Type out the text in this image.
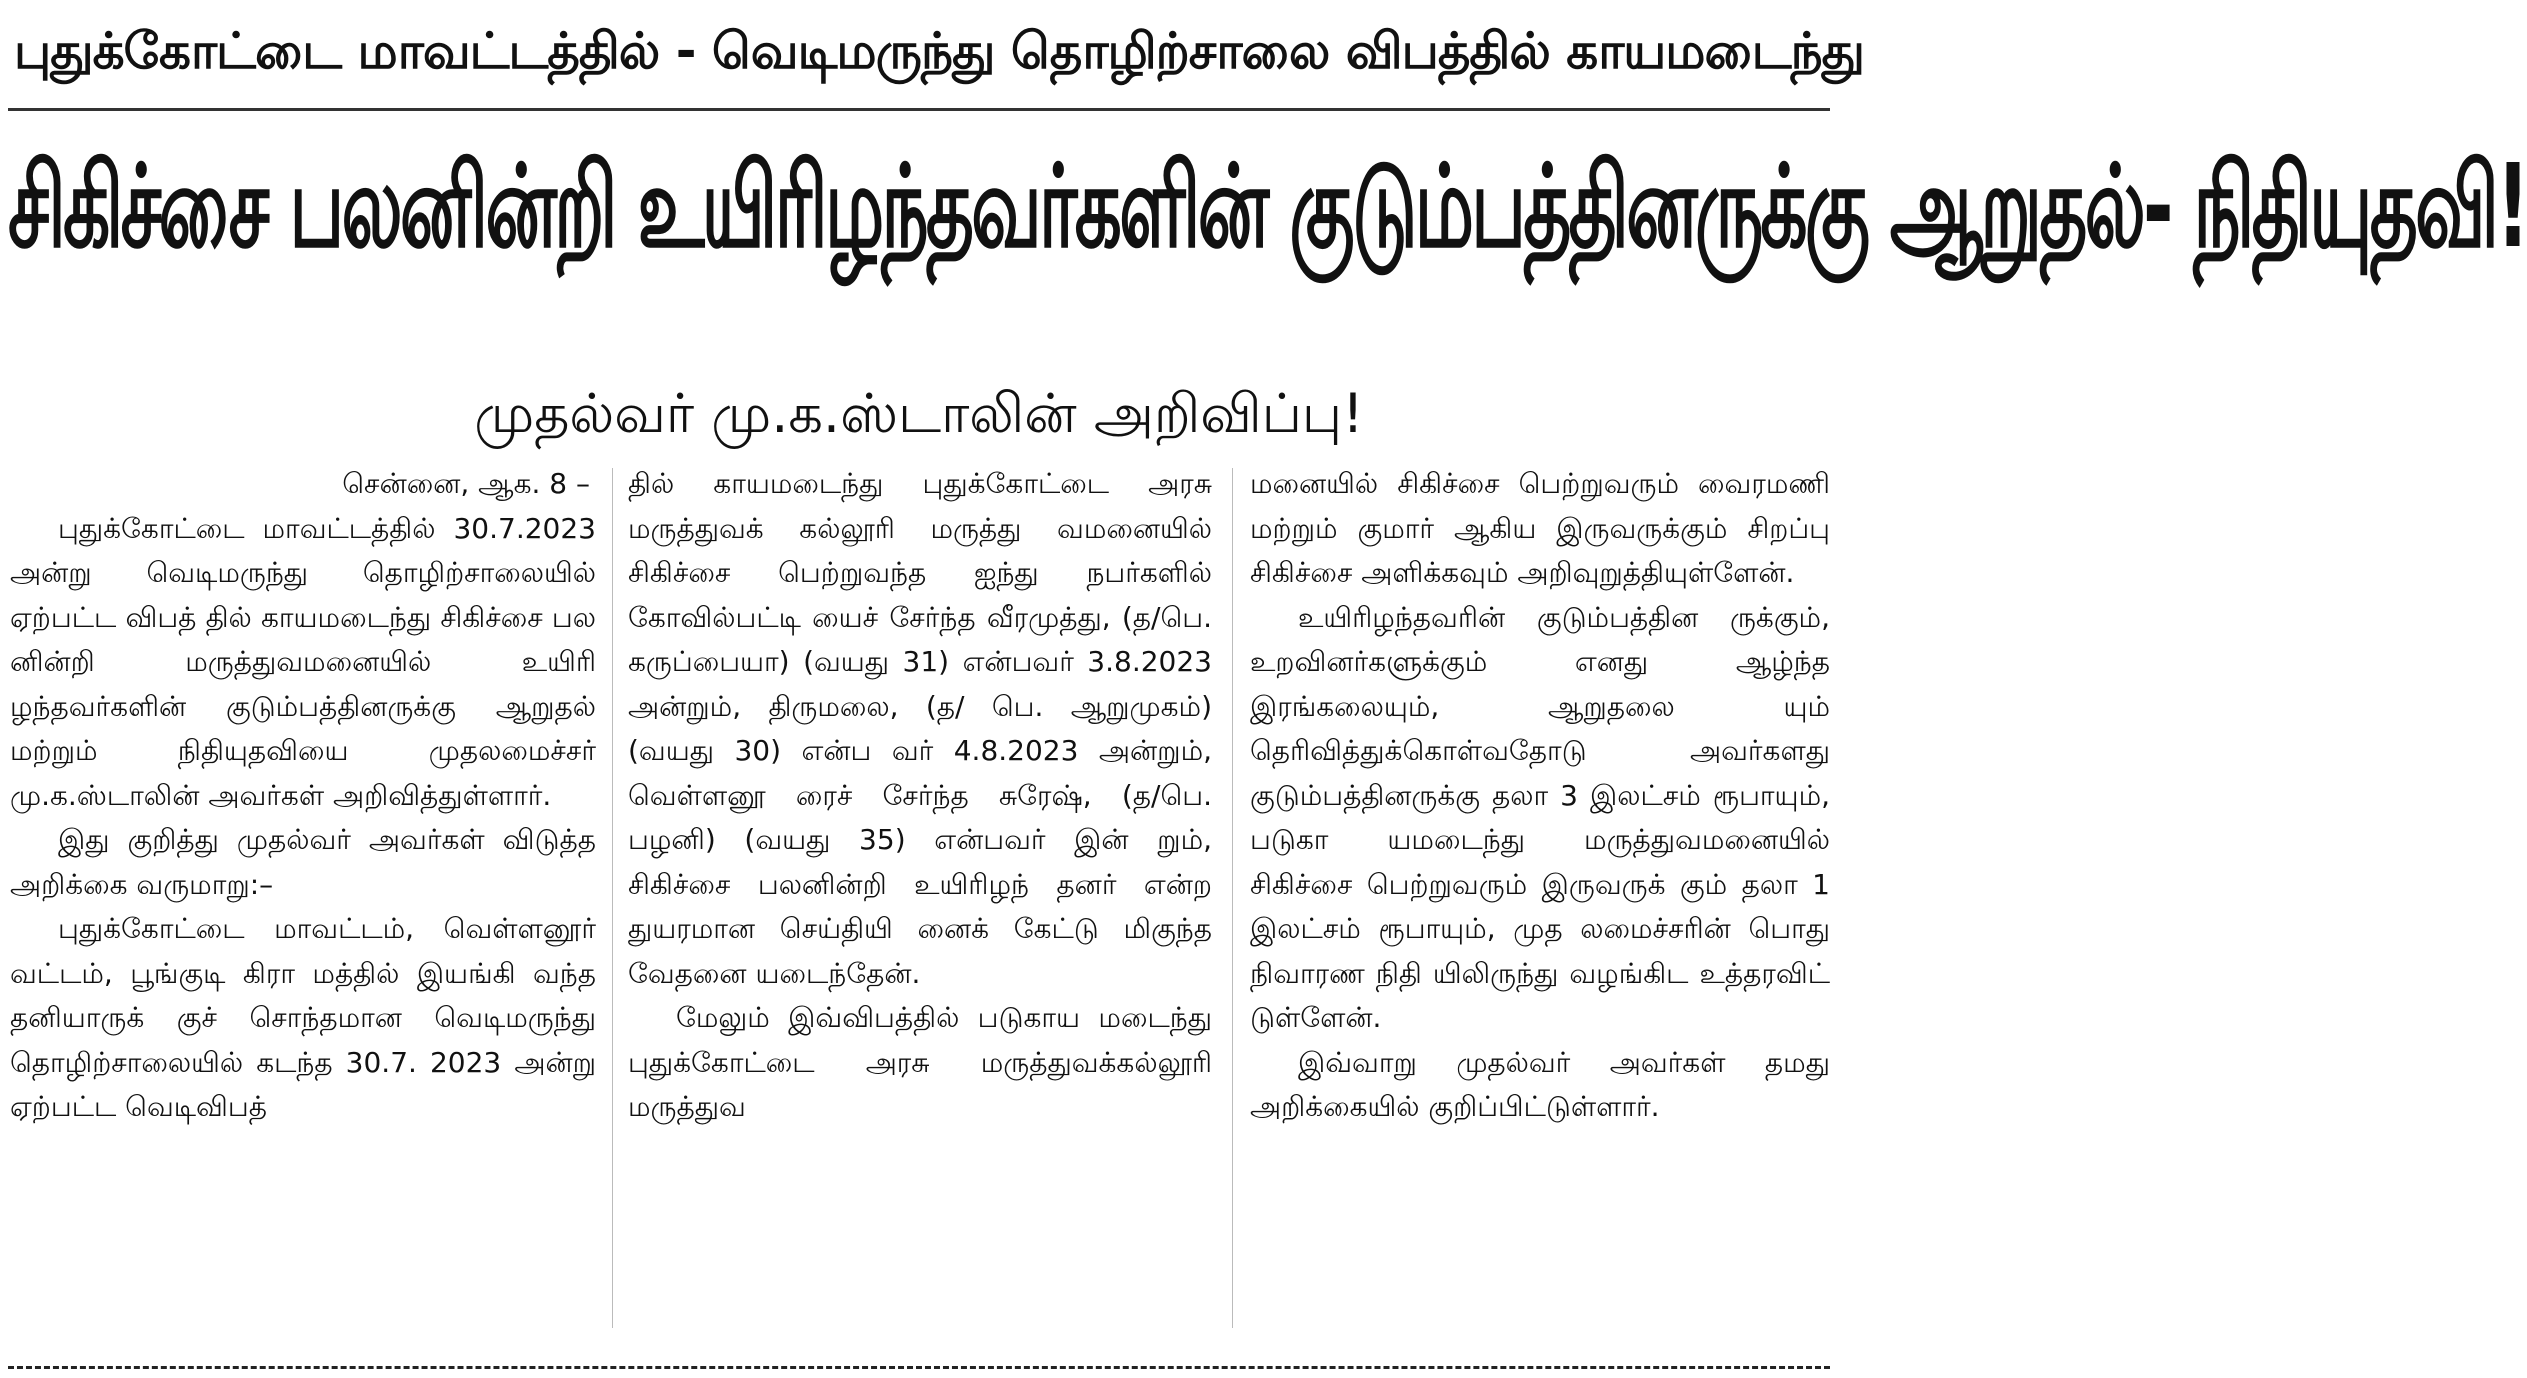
புதுக்கோட்டை மாவட்டத்தில் - வெடிமருந்து தொழிற்சாலை விபத்தில் காயமடைந்து
சிகிச்சை பலனின்றி உயிரிழந்தவர்களின் குடும்பத்தினருக்கு ஆறுதல்- நிதியுதவி!
முதல்வர் மு.க.ஸ்டாலின் அறிவிப்பு!

சென்னை, ஆக. 8 –

புதுக்கோட்டை மாவட்டத்தில் 30.7.2023 அன்று வெடிமருந்து தொழிற்சாலையில் ஏற்பட்ட விபத் தில் காயமடைந்து சிகிச்சை பல னின்றி மருத்துவமனையில் உயிரி ழந்தவர்களின் குடும்பத்தினருக்கு ஆறுதல் மற்றும் நிதியுதவியை முதலமைச்சர் மு.க.ஸ்டாலின் அவர்கள் அறிவித்துள்ளார்.

இது குறித்து முதல்வர் அவர்கள் விடுத்த அறிக்கை வருமாறு:–

புதுக்கோட்டை மாவட்டம், வெள்ளனூர் வட்டம், பூங்குடி கிரா மத்தில் இயங்கி வந்த தனியாருக் குச் சொந்தமான வெடிமருந்து தொழிற்சாலையில் கடந்த 30.7. 2023 அன்று ஏற்பட்ட வெடிவிபத்

தில் காயமடைந்து புதுக்கோட்டை அரசு மருத்துவக் கல்லூரி மருத்து வமனையில் சிகிச்சை பெற்றுவந்த ஐந்து நபர்களில் கோவில்பட்டி யைச் சேர்ந்த வீரமுத்து, (த/பெ. கருப்பையா) (வயது 31) என்பவர் 3.8.2023 அன்றும், திருமலை, (த/ பெ. ஆறுமுகம்) (வயது 30) என்ப வர் 4.8.2023 அன்றும், வெள்ளனூ ரைச் சேர்ந்த சுரேஷ், (த/பெ. பழனி) (வயது 35) என்பவர் இன் றும், சிகிச்சை பலனின்றி உயிரிழந் தனர் என்ற துயரமான செய்தியி னைக் கேட்டு மிகுந்த வேதனை யடைந்தேன்.

மேலும் இவ்விபத்தில் படுகாய மடைந்து புதுக்கோட்டை அரசு மருத்துவக்கல்லூரி மருத்துவ

மனையில் சிகிச்சை பெற்றுவரும் வைரமணி மற்றும் குமார் ஆகிய இருவருக்கும் சிறப்பு சிகிச்சை அளிக்கவும் அறிவுறுத்தியுள்ளேன்.

உயிரிழந்தவரின் குடும்பத்தின ருக்கும், உறவினர்களுக்கும் எனது ஆழ்ந்த இரங்கலையும், ஆறுதலை யும் தெரிவித்துக்கொள்வதோடு அவர்களது குடும்பத்தினருக்கு தலா 3 இலட்சம் ரூபாயும், படுகா யமடைந்து மருத்துவமனையில் சிகிச்சை பெற்றுவரும் இருவருக் கும் தலா 1 இலட்சம் ரூபாயும், முத லமைச்சரின் பொது நிவாரண நிதி யிலிருந்து வழங்கிட உத்தரவிட் டுள்ளேன்.

இவ்வாறு முதல்வர் அவர்கள் தமது அறிக்கையில் குறிப்பிட்டுள்ளார்.
